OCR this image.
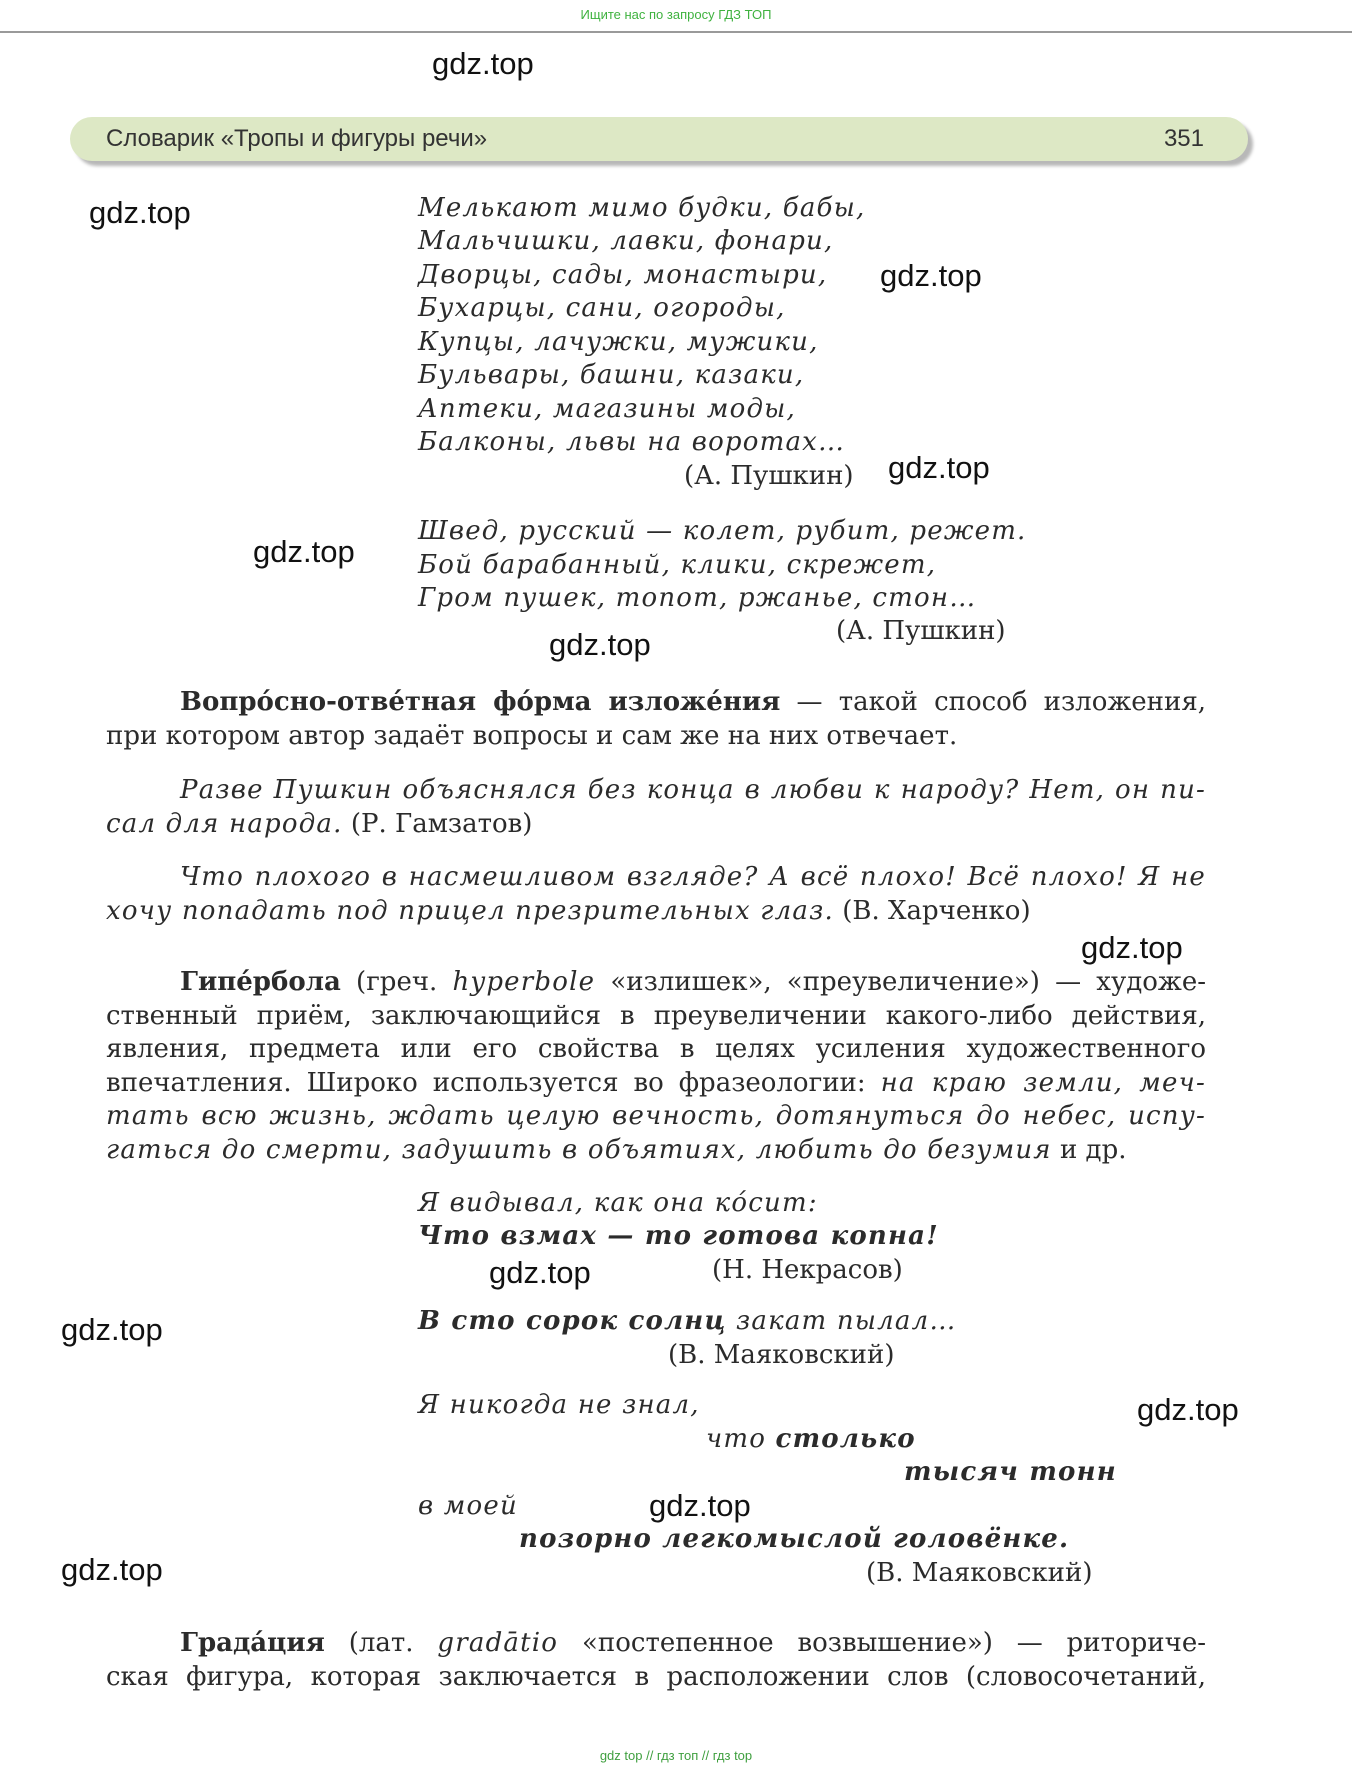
Ищите нас по запросу ГДЗ ТОП
gdz.top
gdz.top
gdz.top
gdz.top
gdz.top
gdz.top
gdz.top
gdz.top
gdz.top
gdz.top
gdz.top
gdz.top
Словарик «Тропы и фигуры речи»	351
Мелькают мимо будки, бабы,
Мальчишки, лавки, фонари,
Дворцы, сады, монастыри,
Бухарцы, сани, огороды,
Купцы, лачужки, мужики,
Бульвары, башни, казаки,
Аптеки, магазины моды,
Балконы, львы на воротах…
(А. Пушкин)
Швед, русский — колет, рубит, режет.
Бой барабанный, клики, скрежет,
Гром пушек, топот, ржанье, стон…
(А. Пушкин)
Вопро́сно-отве́тная фо́рма изложе́ния — такой способ изложения,
при котором автор задаёт вопросы и сам же на них отвечает.
Разве Пушкин объяснялся без конца в любви к народу? Нет, он пи-
сал для народа. (Р. Гамзатов)
Что плохого в насмешливом взгляде? А всё плохо! Всё плохо! Я не
хочу попадать под прицел презрительных глаз. (В. Харченко)
Гипе́рбола (греч. hyperbole «излишек», «преувеличение») — художе-
ственный приём, заключающийся в преувеличении какого-либо действия,
явления, предмета или его свойства в целях усиления художественного
впечатления. Широко используется во фразеологии: на краю земли, меч-
тать всю жизнь, ждать целую вечность, дотянуться до небес, испу-
гаться до смерти, задушить в объятиях, любить до безумия и др.
Я видывал, как она ко́сит:
Что взмах — то готова копна!
(Н. Некрасов)
В сто сорок солнц закат пылал…
(В. Маяковский)
Я никогда не знал,
что столько
тысяч тонн
в моей
позорно легкомыслой головёнке.
(В. Маяковский)
Града́ция (лат. gradātio «постепенное возвышение») — риториче-
ская фигура, которая заключается в расположении слов (словосочетаний,
gdz top // гдз топ // гдз top
